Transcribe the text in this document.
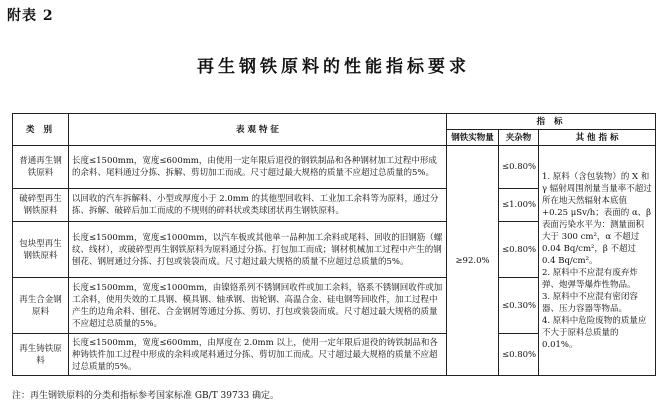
附表 2
再生钢铁原料的性能指标要求
类 别	表 观 特 征	指 标		
		钢铁实物量	夹杂物	其 他 指 标
普通再生钢铁原料	长度≤1500mm，宽度≤600mm，由使用一定年限后退役的钢铁制品和各种钢材加工过程中形成的余料、尾料通过分拣、拆解、剪切加工而成。尺寸超过最大规格的质量不应超过总质量的5%。	≥92.0%	≤0.80%	1. 原料（含包装物）的 X 和 γ 辐射周围剂量当量率不超过所在地天然辐射本底值+0.25 μSv/h；表面的 α、β 表面污染水平为：测量面积大于 300 cm²，α 不超过 0.04 Bq/cm²，β 不超过 0.4 Bq/cm²。

2. 原料中不应混有废弃炸弹、炮弹等爆炸性物品。

3. 原料中不应混有密闭容器、压力容器等物品。

4. 原料中危险废物的质量应不大于原料总质量的 0.01%。

破碎型再生钢铁原料	以回收的汽车拆解料、小型或厚度小于 2.0mm 的其他型回收料、工业加工余料等为原料，通过分拣、拆解、破碎后加工而成的不规则的碎料状或类球团状再生钢铁原料。		≤1.00%	
包块型再生钢铁原料	长度≤1500mm，宽度≤1000mm，以汽车板或其他单一品种加工余料或尾料、回收的旧钢筋（螺纹、线材），或破碎型再生钢铁原料为原料通过分拣、打包加工而成；钢材机械加工过程中产生的钢刨花、钢屑通过分拣、打包或装袋而成。尺寸超过最大规格的质量不应超过总质量的5%。		≤0.80%	
再生合金钢原料	长度≤1500mm，宽度≤1000mm，由镍铬系列不锈钢回收件或加工余料，铬系不锈钢回收件或加工余料，使用失效的工具钢、模具钢、轴承钢、齿轮钢、高温合金、硅电钢等回收件，加工过程中产生的边角余料、刨花、合金钢屑等通过分拣、剪切、打包或装袋而成。尺寸超过最大规格的质量不应超过总质量的5%。		≤0.30%	
再生铸铁原料	长度≤1500mm，宽度≤600mm，由厚度在 2.0mm 以上，使用一定年限后退役的铸铁制品和各种铸铁件加工过程中形成的余料或尾料通过分拣、剪切加工而成。尺寸超过最大规格的质量不应超过总质量的5%。		≤0.80%	
注：再生钢铁原料的分类和指标参考国家标准 GB/T 39733 确定。
